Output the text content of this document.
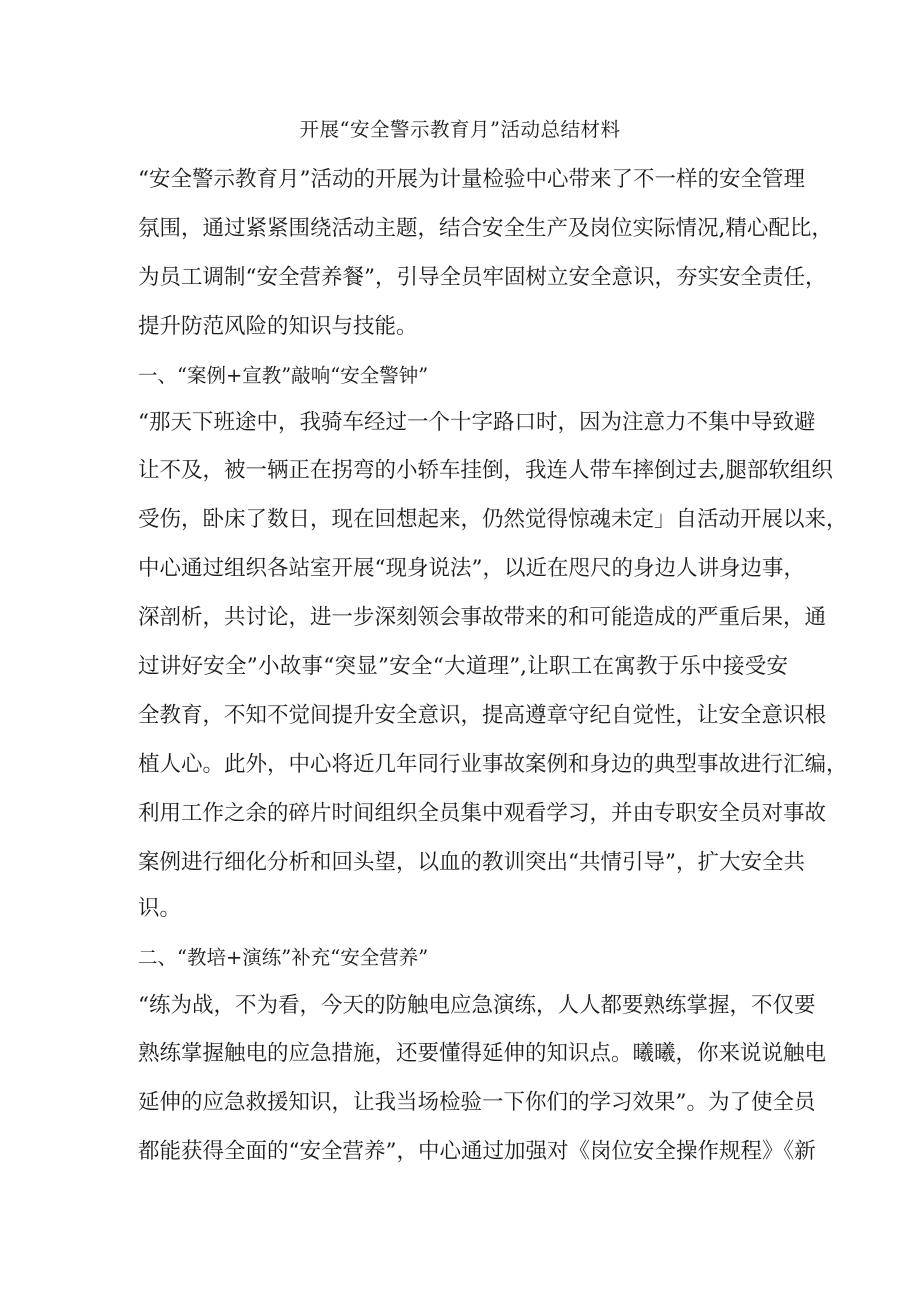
开展“安全警示教育月”活动总结材料
“安全警示教育月”活动的开展为计量检验中心带来了不一样的安全管理
氛围，通过紧紧围绕活动主题，结合安全生产及岗位实际情况,精心配比，
为员工调制“安全营养餐”，引导全员牢固树立安全意识，夯实安全责任，
提升防范风险的知识与技能。
一、“案例+宣教”敲响“安全警钟”
“那天下班途中，我骑车经过一个十字路口时，因为注意力不集中导致避
让不及，被一辆正在拐弯的小轿车挂倒，我连人带车摔倒过去,腿部软组织
受伤，卧床了数日，现在回想起来，仍然觉得惊魂未定」自活动开展以来，
中心通过组织各站室开展“现身说法”，以近在咫尺的身边人讲身边事，
深剖析，共讨论，进一步深刻领会事故带来的和可能造成的严重后果，通
过讲好安全”小故事“突显”安全“大道理”,让职工在寓教于乐中接受安
全教育，不知不觉间提升安全意识，提高遵章守纪自觉性，让安全意识根
植人心。此外，中心将近几年同行业事故案例和身边的典型事故进行汇编，
利用工作之余的碎片时间组织全员集中观看学习，并由专职安全员对事故
案例进行细化分析和回头望，以血的教训突出“共情引导”，扩大安全共
识。
二、“教培+演练”补充“安全营养”
“练为战，不为看，今天的防触电应急演练，人人都要熟练掌握，不仅要
熟练掌握触电的应急措施，还要懂得延伸的知识点。曦曦，你来说说触电
延伸的应急救援知识，让我当场检验一下你们的学习效果”。为了使全员
都能获得全面的“安全营养”，中心通过加强对《岗位安全操作规程》《新
